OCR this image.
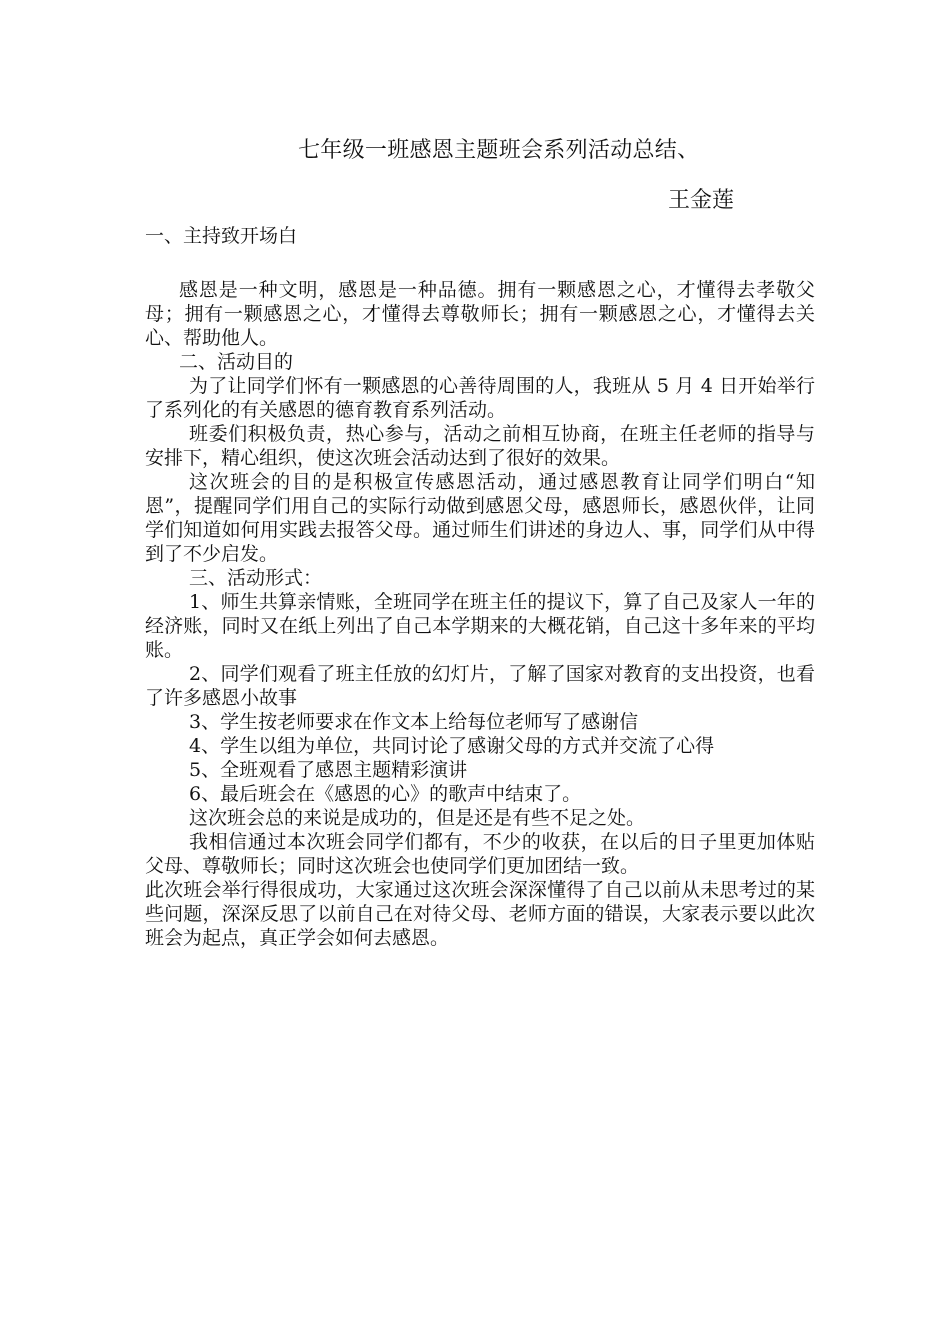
七年级一班感恩主题班会系列活动总结、
王金莲

一、主持致开场白

感恩是一种文明，感恩是一种品德。拥有一颗感恩之心，才懂得去孝敬父母；拥有一颗感恩之心，才懂得去尊敬师长；拥有一颗感恩之心，才懂得去关心、帮助他人。

二、活动目的

为了让同学们怀有一颗感恩的心善待周围的人，我班从 5 月 4 日开始举行了系列化的有关感恩的德育教育系列活动。

班委们积极负责，热心参与，活动之前相互协商，在班主任老师的指导与安排下，精心组织，使这次班会活动达到了很好的效果。

这次班会的目的是积极宣传感恩活动，通过感恩教育让同学们明白“知恩”，提醒同学们用自己的实际行动做到感恩父母，感恩师长，感恩伙伴，让同学们知道如何用实践去报答父母。通过师生们讲述的身边人、事，同学们从中得到了不少启发。

三、活动形式：

1、师生共算亲情账，全班同学在班主任的提议下，算了自己及家人一年的经济账，同时又在纸上列出了自己本学期来的大概花销，自己这十多年来的平均账。

2、同学们观看了班主任放的幻灯片，了解了国家对教育的支出投资，也看了许多感恩小故事

3、学生按老师要求在作文本上给每位老师写了感谢信

4、学生以组为单位，共同讨论了感谢父母的方式并交流了心得

5、全班观看了感恩主题精彩演讲

6、最后班会在《感恩的心》的歌声中结束了。

这次班会总的来说是成功的，但是还是有些不足之处。

我相信通过本次班会同学们都有，不少的收获，在以后的日子里更加体贴父母、尊敬师长；同时这次班会也使同学们更加团结一致。

此次班会举行得很成功，大家通过这次班会深深懂得了自己以前从未思考过的某些问题，深深反思了以前自己在对待父母、老师方面的错误，大家表示要以此次班会为起点，真正学会如何去感恩。
